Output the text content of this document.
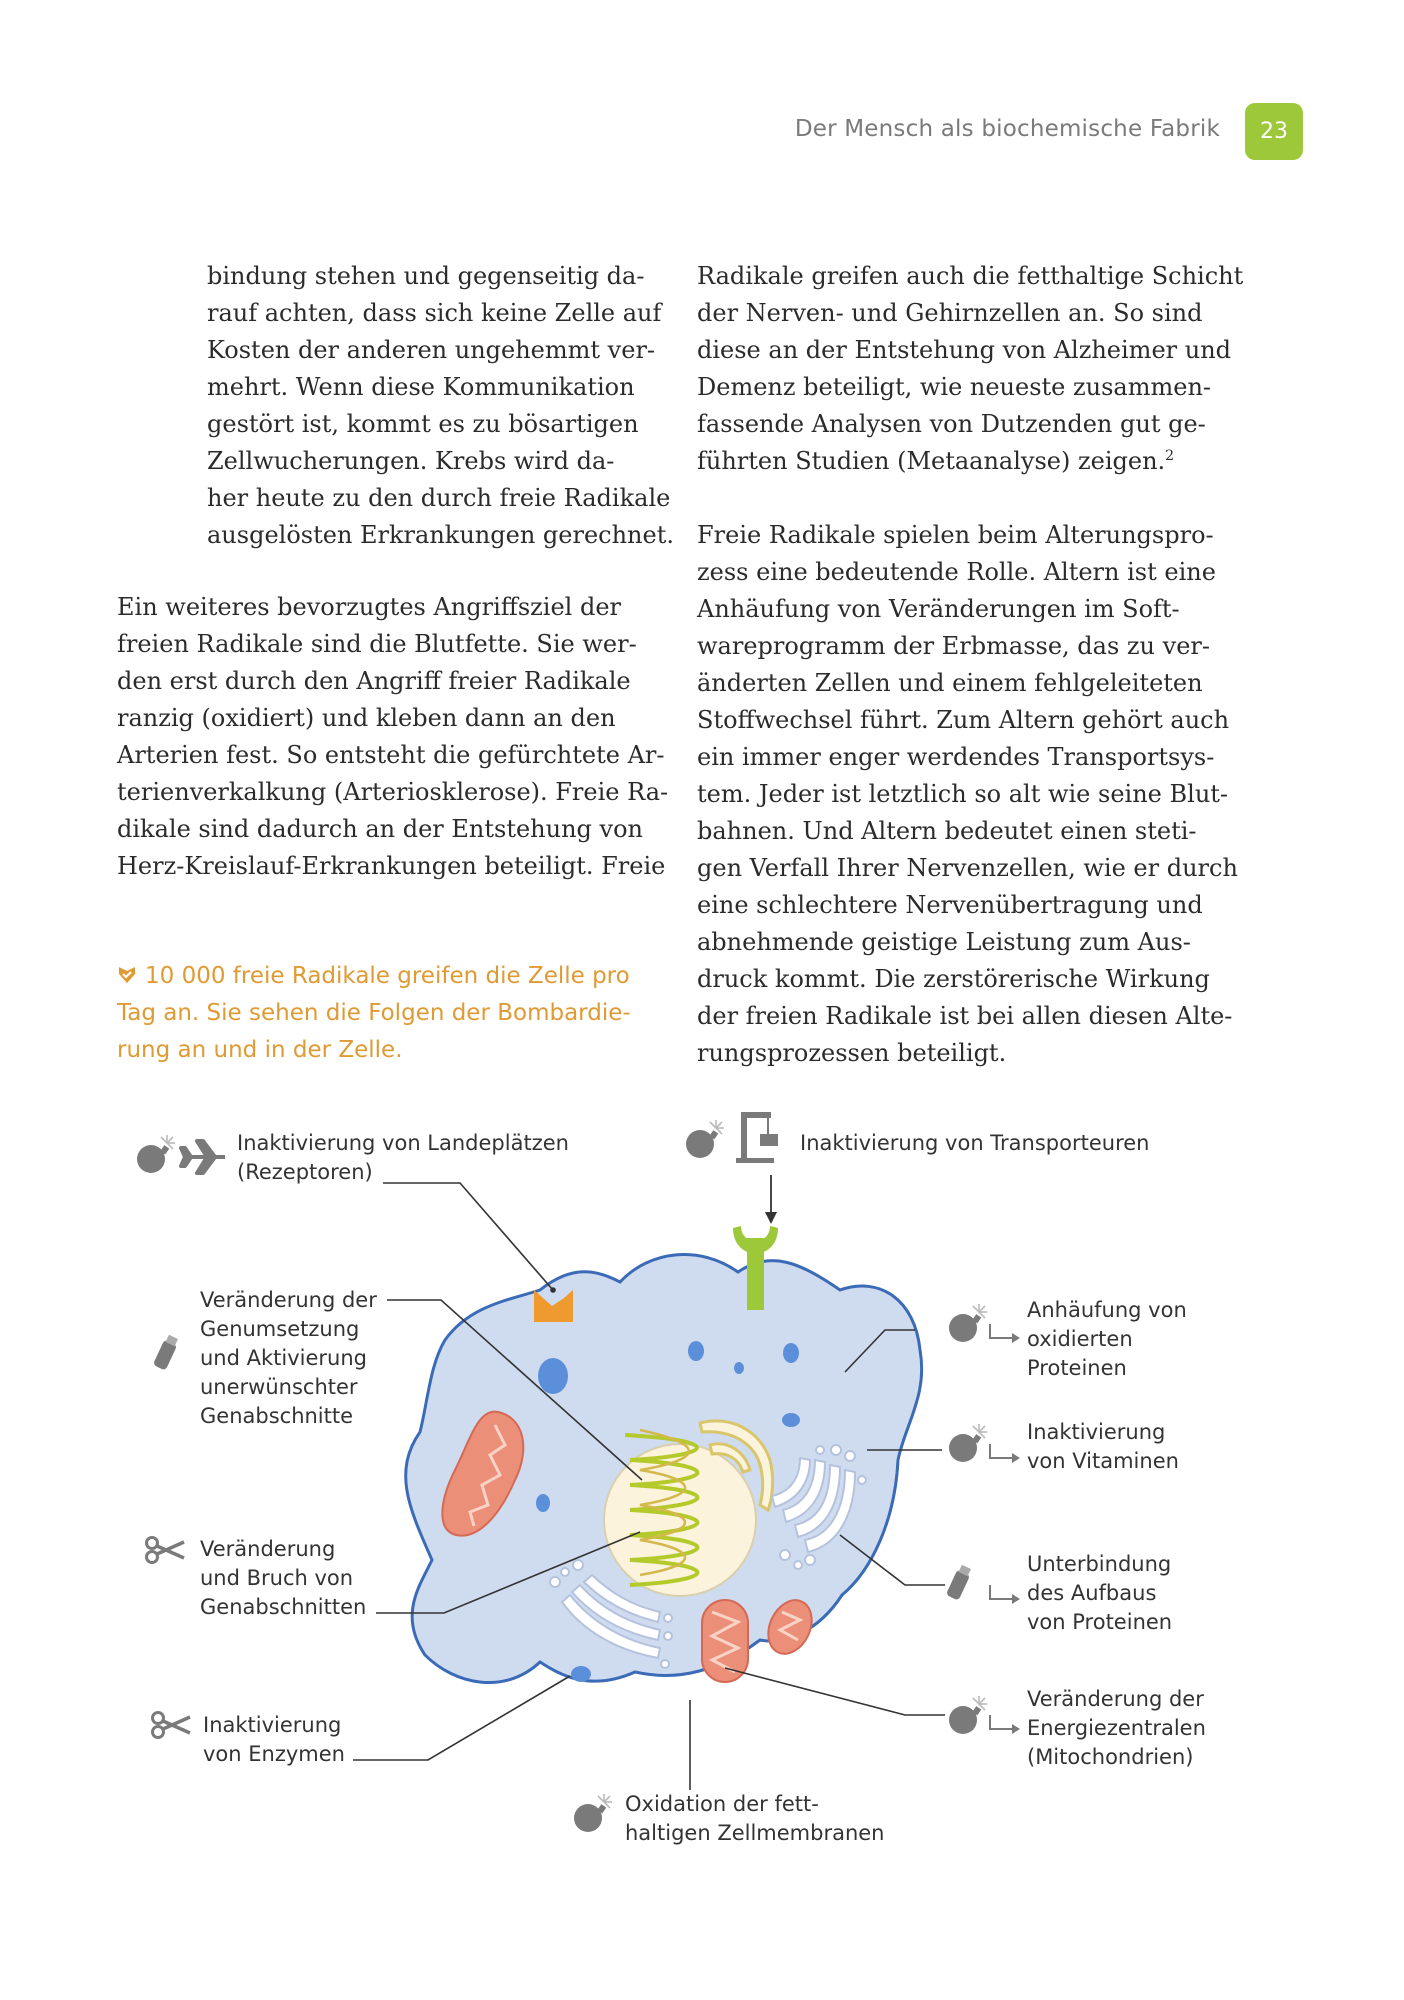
Der Mensch als biochemische Fabrik 23

bindung stehen und gegenseitig da-
rauf achten, dass sich keine Zelle auf
Kosten der anderen ungehemmt ver-
mehrt. Wenn diese Kommunikation
gestört ist, kommt es zu bösartigen
Zellwucherungen. Krebs wird da-
her heute zu den durch freie Radikale
ausgelösten Erkrankungen gerechnet.

Ein weiteres bevorzugtes Angriffsziel der
freien Radikale sind die Blutfette. Sie wer-
den erst durch den Angriff freier Radikale
ranzig (oxidiert) und kleben dann an den
Arterien fest. So entsteht die gefürchtete Ar-
terienverkalkung (Arteriosklerose). Freie Ra-
dikale sind dadurch an der Entstehung von
Herz-Kreislauf-Erkrankungen beteiligt. Freie

10 000 freie Radikale greifen die Zelle pro
Tag an. Sie sehen die Folgen der Bombardie-
rung an und in der Zelle.

Radikale greifen auch die fetthaltige Schicht
der Nerven- und Gehirnzellen an. So sind
diese an der Entstehung von Alzheimer und
Demenz beteiligt, wie neueste zusammen-
fassende Analysen von Dutzenden gut ge-
führten Studien (Metaanalyse) zeigen.$^2$

Freie Radikale spielen beim Alterungspro-
zess eine bedeutende Rolle. Altern ist eine
Anhäufung von Veränderungen im Soft-
wareprogramm der Erbmasse, das zu ver-
änderten Zellen und einem fehlgeleiteten
Stoffwechsel führt. Zum Altern gehört auch
ein immer enger werdendes Transportsys-
tem. Jeder ist letztlich so alt wie seine Blut-
bahnen. Und Altern bedeutet einen steti-
gen Verfall Ihrer Nervenzellen, wie er durch
eine schlechtere Nervenübertragung und
abnehmende geistige Leistung zum Aus-
druck kommt. Die zerstörerische Wirkung
der freien Radikale ist bei allen diesen Alte-
rungsprozessen beteiligt.

Inaktivierung von Landeplätzen
(Rezeptoren)
Inaktivierung von Transporteuren
Veränderung der
Genumsetzung
und Aktivierung
unerwünschter
Genabschnitte
Veränderung
und Bruch von
Genabschnitten
Inaktivierung
von Enzymen
Oxidation der fett-
haltigen Zellmembranen
Anhäufung von
oxidierten
Proteinen
Inaktivierung
von Vitaminen
Unterbindung
des Aufbaus
von Proteinen
Veränderung der
Energiezentralen
(Mitochondrien)
